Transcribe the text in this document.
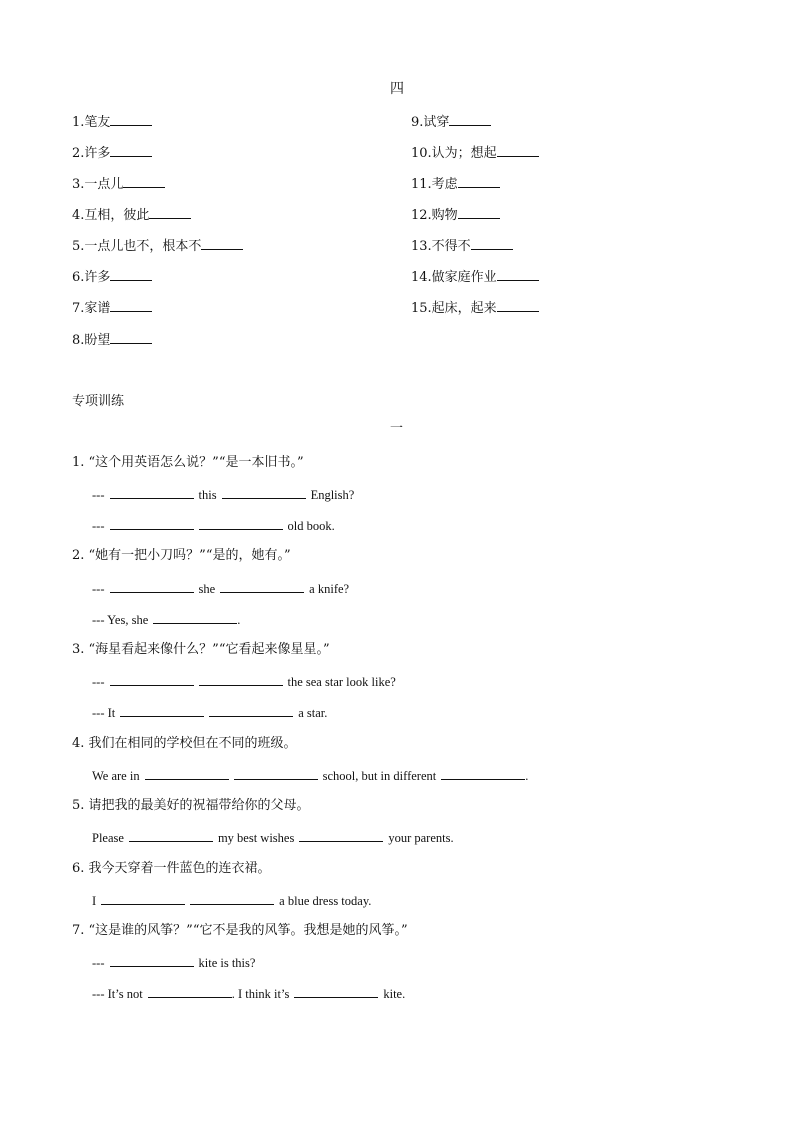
四
1.笔友
2.许多
3.一点儿
4.互相，彼此
5.一点儿也不，根本不
6.许多
7.家谱
8.盼望
9.试穿
10.认为；想起
11.考虑
12.购物
13.不得不
14.做家庭作业
15.起床，起来
专项训练
一
1. “这个用英语怎么说？”“是一本旧书。”
---	this	English?
---	old book.
2. “她有一把小刀吗？”“是的，她有。”
---	she	a knife?
--- Yes, she	.
3. “海星看起来像什么？”“它看起来像星星。”
---	the sea star look like?
--- It	a star.
4. 我们在相同的学校但在不同的班级。
We are in	school, but in different	.
5. 请把我的最美好的祝福带给你的父母。
Please	my best wishes	your parents.
6. 我今天穿着一件蓝色的连衣裙。
I	a blue dress today.
7. “这是谁的风筝？”“它不是我的风筝。我想是她的风筝。”
---	kite is this?
--- It’s not	. I think it’s	kite.
